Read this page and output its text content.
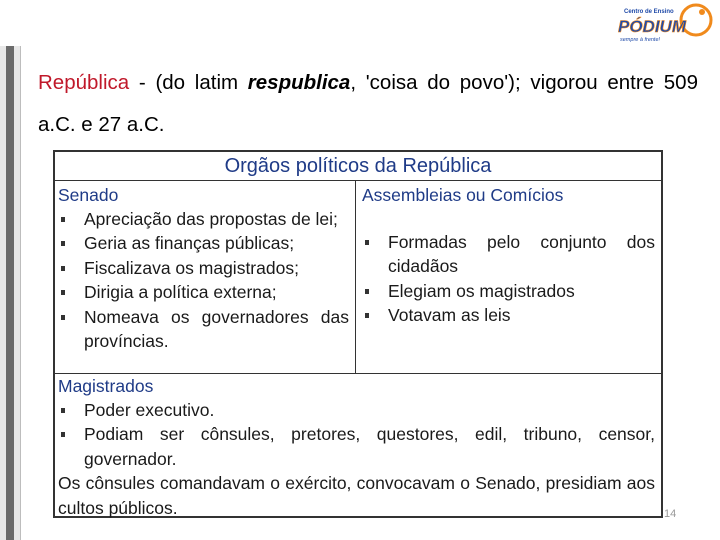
Centro de Ensino
PÓDIUM
sempre à frente!
República - (do latim respublica, 'coisa do povo'); vigorou entre 509 a.C. e 27 a.C.
Orgãos políticos da República
Senado
Apreciação das propostas de lei;
Geria as finanças públicas;
Fiscalizava os magistrados;
Dirigia a política externa;
Nomeava os governadores das províncias.
Assembleias ou Comícios
Formadas pelo conjunto dos cidadãos
Elegiam os magistrados
Votavam as leis
Magistrados
Poder executivo.
Podiam ser cônsules, pretores, questores, edil, tribuno, censor, governador.
Os cônsules comandavam o exército, convocavam o Senado, presidiam aos cultos públicos.	14
